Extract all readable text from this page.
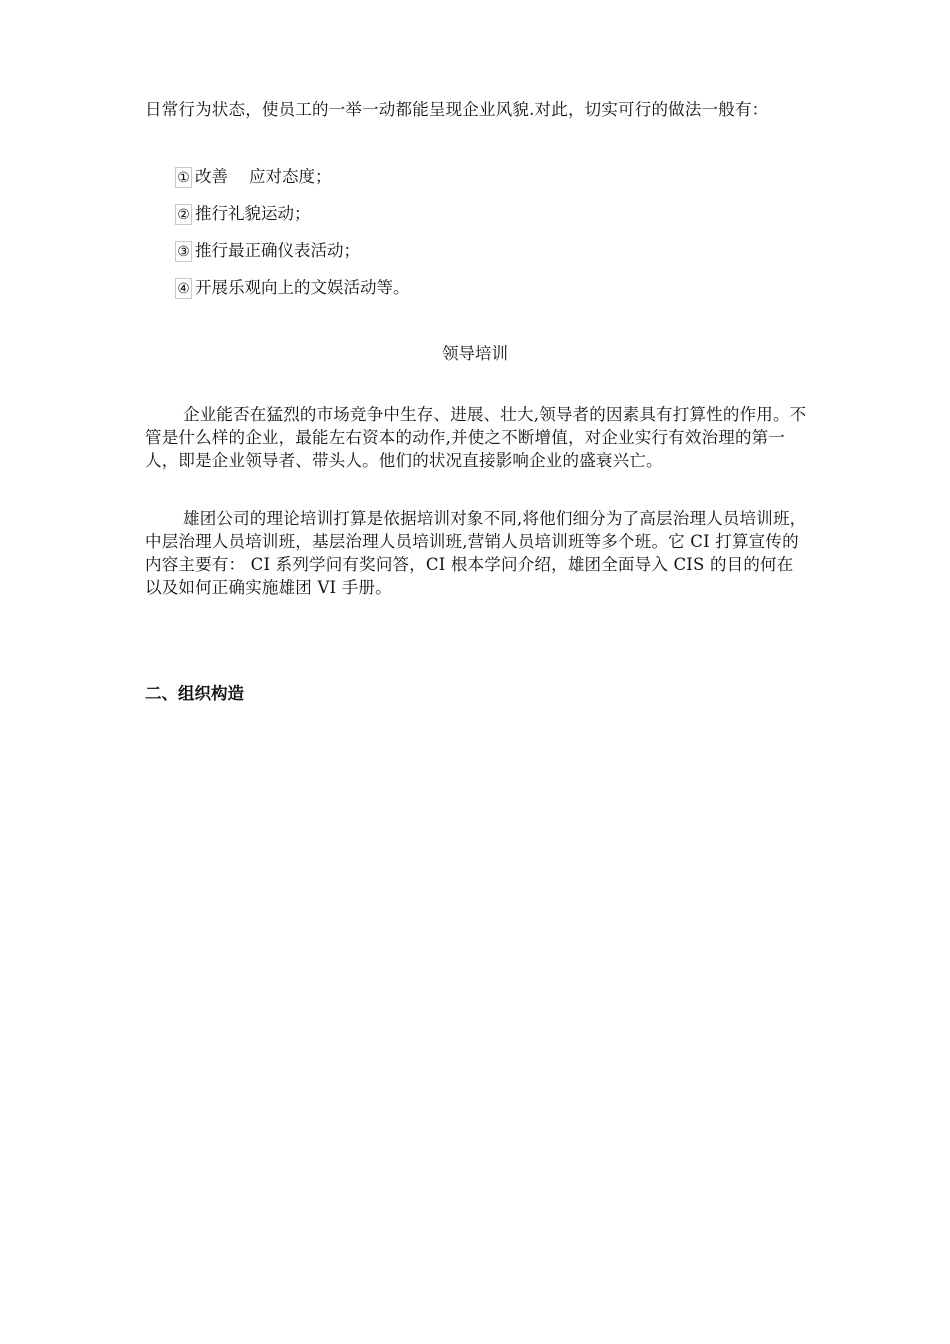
日常行为状态，使员工的一举一动都能呈现企业风貌.对此，切实可行的做法一般有：
① 改善    应对态度；
② 推行礼貌运动；
③ 推行最正确仪表活动；
④ 开展乐观向上的文娱活动等。
领导培训
企业能否在猛烈的市场竞争中生存、进展、壮大,领导者的因素具有打算性的作用。不管是什么样的企业，最能左右资本的动作,并使之不断增值，对企业实行有效治理的第一人，即是企业领导者、带头人。他们的状况直接影响企业的盛衰兴亡。
雄团公司的理论培训打算是依据培训对象不同,将他们细分为了高层治理人员培训班，中层治理人员培训班，基层治理人员培训班,营销人员培训班等多个班。它 CI 打算宣传的内容主要有： CI 系列学问有奖问答，CI 根本学问介绍，雄团全面导入 CIS 的目的何在以及如何正确实施雄团 VI 手册。
二、组织构造
